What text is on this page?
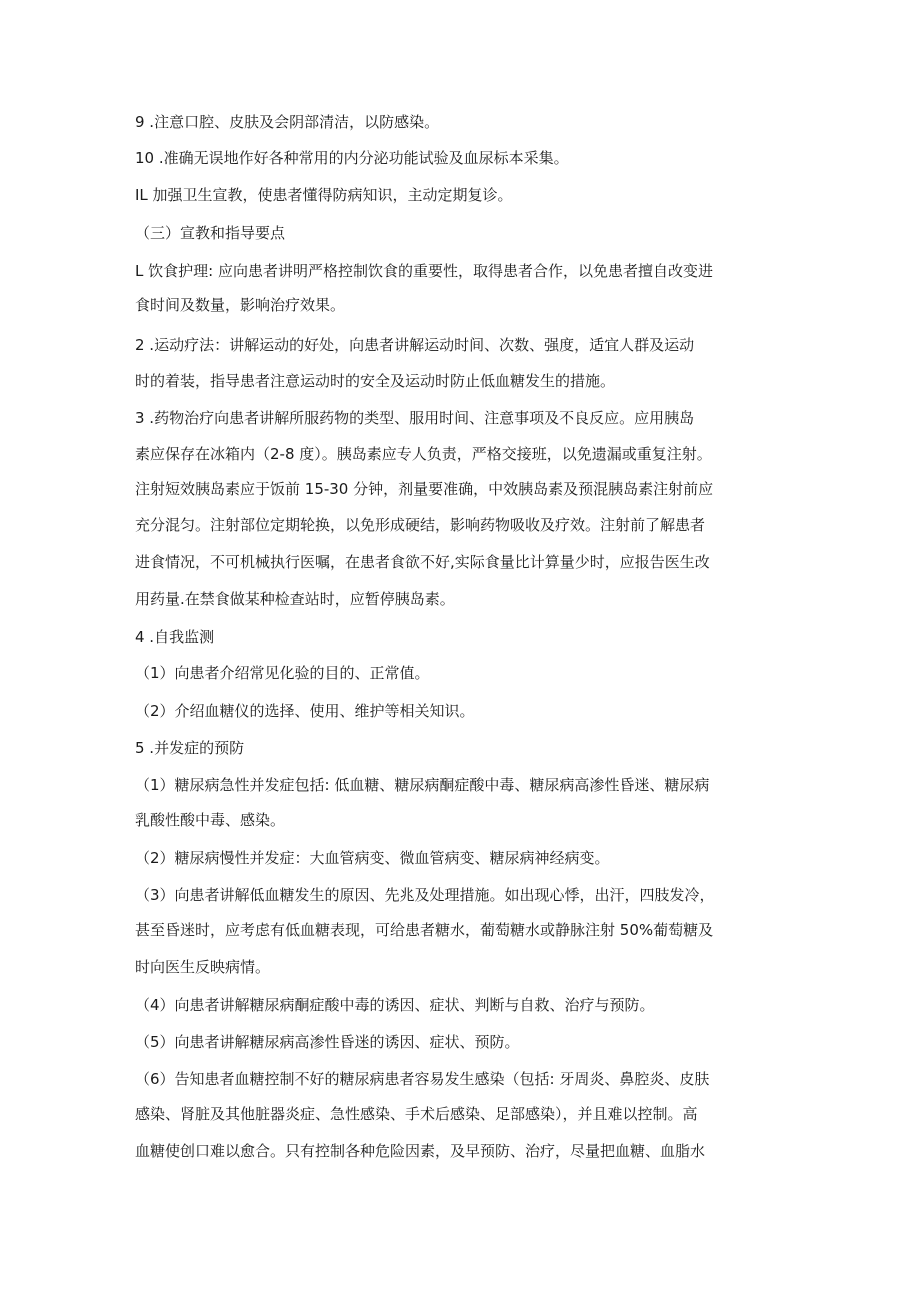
9 .注意口腔、皮肤及会阴部清洁，以防感染。
10 .准确无误地作好各种常用的内分泌功能试验及血尿标本采集。
IL 加强卫生宣教，使患者懂得防病知识，主动定期复诊。
（三）宣教和指导要点
L 饮食护理: 应向患者讲明严格控制饮食的重要性，取得患者合作，以免患者擅自改变进
食时间及数量，影响治疗效果。
2 .运动疗法：讲解运动的好处，向患者讲解运动时间、次数、强度，适宜人群及运动
时的着装，指导患者注意运动时的安全及运动时防止低血糖发生的措施。
3 .药物治疗向患者讲解所服药物的类型、服用时间、注意事项及不良反应。应用胰岛
素应保存在冰箱内（2-8 度）。胰岛素应专人负责，严格交接班，以免遗漏或重复注射。
注射短效胰岛素应于饭前 15-30 分钟，剂量要准确，中效胰岛素及预混胰岛素注射前应
充分混匀。注射部位定期轮换，以免形成硬结，影响药物吸收及疗效。注射前了解患者
进食情况，不可机械执行医嘱，在患者食欲不好,实际食量比计算量少时，应报告医生改
用药量.在禁食做某种检查站时，应暂停胰岛素。
4 .自我监测
（1）向患者介绍常见化验的目的、正常值。
（2）介绍血糖仪的选择、使用、维护等相关知识。
5 .并发症的预防
（1）糖尿病急性并发症包括: 低血糖、糖尿病酮症酸中毒、糖尿病高渗性昏迷、糖尿病
乳酸性酸中毒、感染。
（2）糖尿病慢性并发症：大血管病变、微血管病变、糖尿病神经病变。
（3）向患者讲解低血糖发生的原因、先兆及处理措施。如出现心悸，出汗，四肢发冷，
甚至昏迷时，应考虑有低血糖表现，可给患者糖水，葡萄糖水或静脉注射 50%葡萄糖及
时向医生反映病情。
（4）向患者讲解糖尿病酮症酸中毒的诱因、症状、判断与自救、治疗与预防。
（5）向患者讲解糖尿病高渗性昏迷的诱因、症状、预防。
（6）告知患者血糖控制不好的糖尿病患者容易发生感染（包括: 牙周炎、鼻腔炎、皮肤
感染、肾脏及其他脏器炎症、急性感染、手术后感染、足部感染），并且难以控制。高
血糖使创口难以愈合。只有控制各种危险因素，及早预防、治疗，尽量把血糖、血脂水
